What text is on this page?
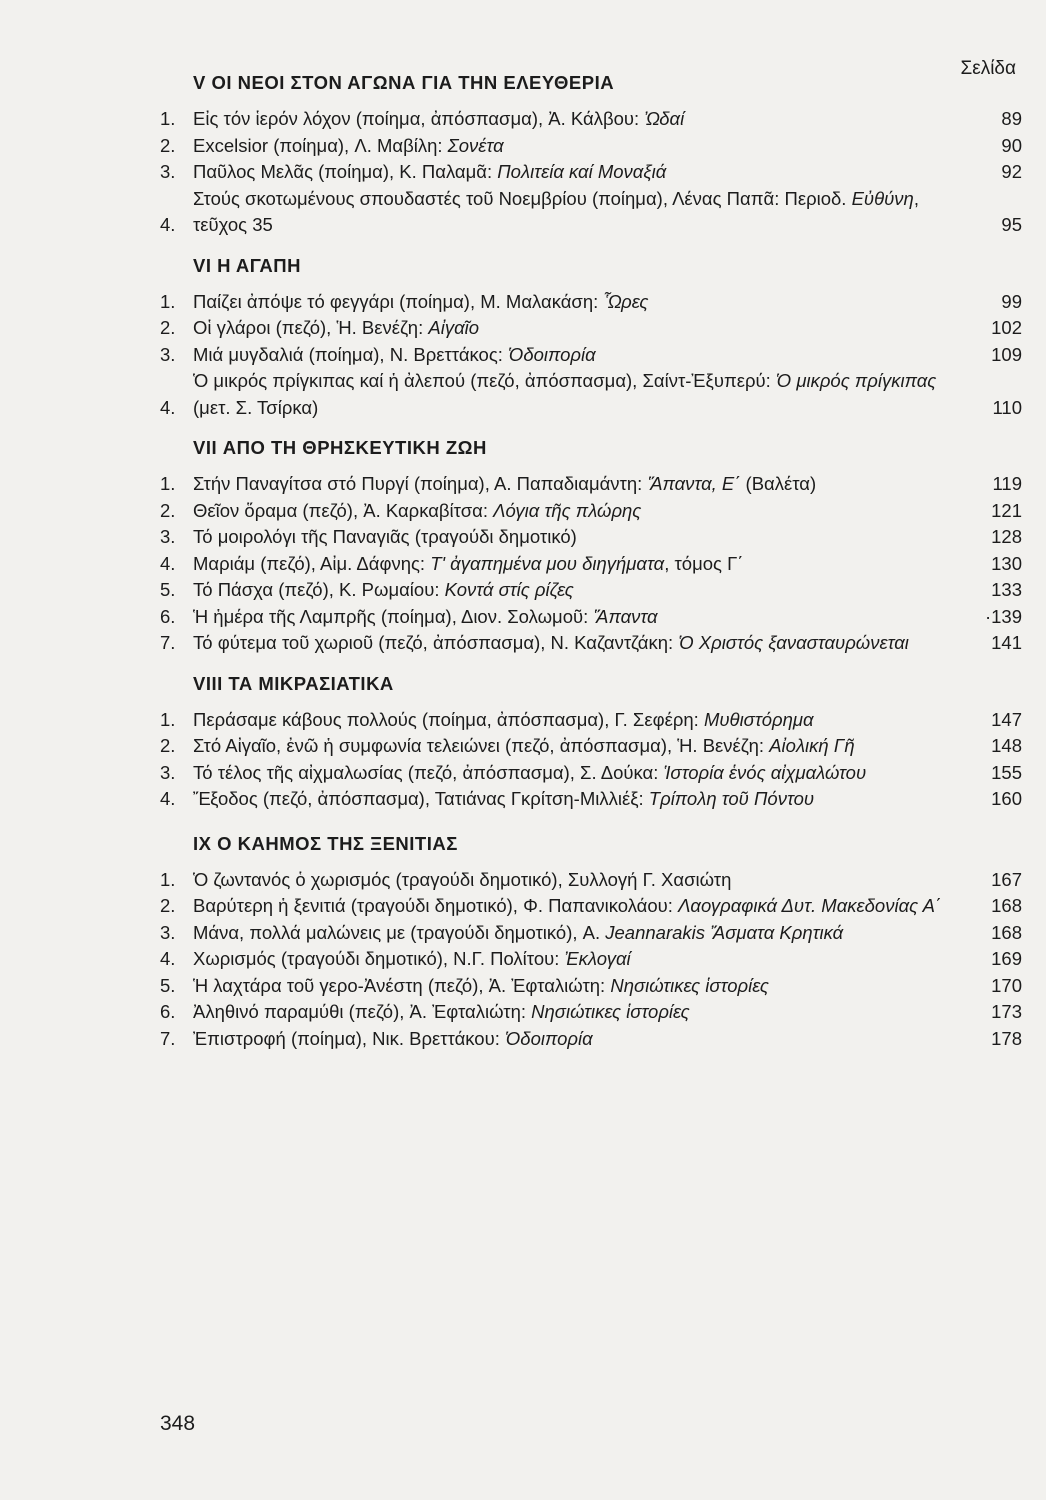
Σελίδα
V ΟΙ ΝΕΟΙ ΣΤΟΝ ΑΓΩΝΑ ΓΙΑ ΤΗΝ ΕΛΕΥΘΕΡΙΑ
1. Εἰς τόν ἱερόν λόχον (ποίημα, ἀπόσπασμα), Ἀ. Κάλβου: Ὠδαί	89
2. Excelsior (ποίημα), Λ. Μαβίλη: Σονέτα	90
3. Παῦλος Μελᾶς (ποίημα), Κ. Παλαμᾶ: Πολιτεία καί Μοναξιά	92
4.
Στούς σκοτωμένους σπουδαστές τοῦ Νοεμβρίου (ποίημα), Λένας Παπᾶ: Περιοδ. Εὐθύνη, τεῦχος 35	95
VI Η ΑΓΑΠΗ
1. Παίζει ἀπόψε τό φεγγάρι (ποίημα), Μ. Μαλακάση: Ὧρες	99
2. Οἱ γλάροι (πεζό), Ἡ. Βενέζη: Αἰγαῖο	102
3. Μιά μυγδαλιά (ποίημα), Ν. Βρεττάκος: Ὁδοιπορία	109
4.
Ὁ μικρός πρίγκιπας καί ἡ ἀλεπού (πεζό, ἀπόσπασμα), Σαίντ-Ἐξυπερύ: Ὁ μικρός πρίγκιπας (μετ. Σ. Τσίρκα)	110
VII ΑΠΟ ΤΗ ΘΡΗΣΚΕΥΤΙΚΗ ΖΩΗ
1. Στήν Παναγίτσα στό Πυργί (ποίημα), Α. Παπαδιαμάντη: Ἅπαντα, Ε΄ (Βαλέτα)	119
2. Θεῖον ὅραμα (πεζό), Ἀ. Καρκαβίτσα: Λόγια τῆς πλώρης	121
3. Τό μοιρολόγι τῆς Παναγιᾶς (τραγούδι δημοτικό)	128
4. Μαριάμ (πεζό), Αἰμ. Δάφνης: Τ' ἀγαπημένα μου διηγήματα, τόμος Γ΄	130
5. Τό Πάσχα (πεζό), Κ. Ρωμαίου: Κοντά στίς ρίζες	133
6. Ἡ ἡμέρα τῆς Λαμπρῆς (ποίημα), Διον. Σολωμοῦ: Ἅπαντα	·139
7. Τό φύτεμα τοῦ χωριοῦ (πεζό, ἀπόσπασμα), Ν. Καζαντζάκη: Ὁ Χριστός ξανασταυρώνεται	141
VIII ΤΑ ΜΙΚΡΑΣΙΑΤΙΚΑ
1. Περάσαμε κάβους πολλούς (ποίημα, ἀπόσπασμα), Γ. Σεφέρη: Μυθιστόρημα	147
2. Στό Αἰγαῖο, ἐνῶ ἡ συμφωνία τελειώνει (πεζό, ἀπόσπασμα), Ἡ. Βενέζη: Αἰολική Γῆ	148
3. Τό τέλος τῆς αἰχμαλωσίας (πεζό, ἀπόσπασμα), Σ. Δούκα: Ἱστορία ἑνός αἰχμαλώτου	155
4. Ἔξοδος (πεζό, ἀπόσπασμα), Τατιάνας Γκρίτση-Μιλλιέξ: Τρίπολη τοῦ Πόντου	160
IX Ο ΚΑΗΜΟΣ ΤΗΣ ΞΕΝΙΤΙΑΣ
1. Ὁ ζωντανός ὁ χωρισμός (τραγούδι δημοτικό), Συλλογή Γ. Χασιώτη	167
2. Βαρύτερη ἡ ξενιτιά (τραγούδι δημοτικό), Φ. Παπανικολάου: Λαογραφικά Δυτ. Μακεδονίας Α΄	168
3. Μάνα, πολλά μαλώνεις με (τραγούδι δημοτικό), A. Jeannarakis Ἄσματα Κρητικά	168
4. Χωρισμός (τραγούδι δημοτικό), Ν.Γ. Πολίτου: Ἐκλογαί	169
5. Ἡ λαχτάρα τοῦ γερο-Ἀνέστη (πεζό), Ἀ. Ἐφταλιώτη: Νησιώτικες ἱστορίες	170
6. Ἀληθινό παραμύθι (πεζό), Ἀ. Ἐφταλιώτη: Νησιώτικες ἱστορίες	173
7. Ἐπιστροφή (ποίημα), Νικ. Βρεττάκου: Ὁδοιπορία	178
348
